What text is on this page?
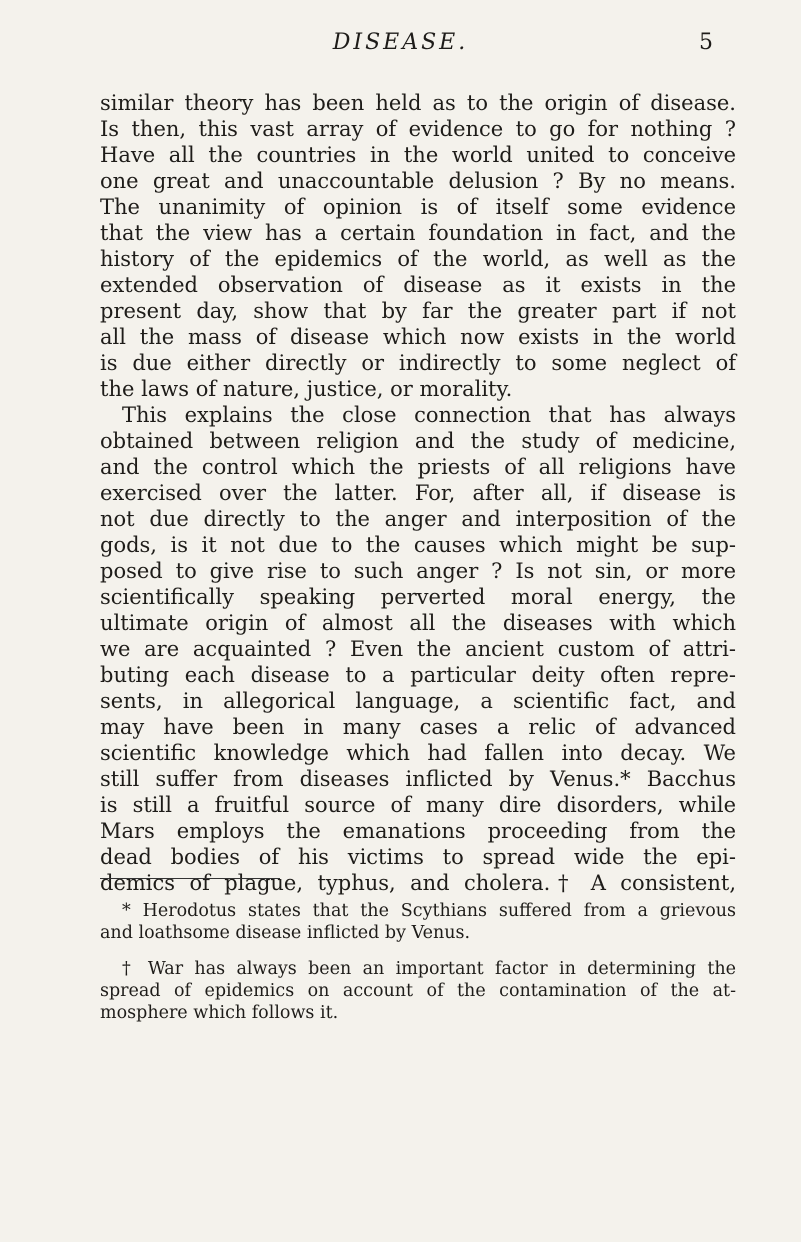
DISEASE.	5
similar theory has been held as to the origin of disease.
Is then, this vast array of evidence to go for nothing ?
Have all the countries in the world united to conceive
one great and unaccountable delusion ? By no means.
The unanimity of opinion is of itself some evidence
that the view has a certain foundation in fact, and the
history of the epidemics of the world, as well as the
extended observation of disease as it exists in the
present day, show that by far the greater part if not
all the mass of disease which now exists in the world
is due either directly or indirectly to some neglect of
the laws of nature, justice, or morality.
This explains the close connection that has always
obtained between religion and the study of medicine,
and the control which the priests of all religions have
exercised over the latter. For, after all, if disease is
not due directly to the anger and interposition of the
gods, is it not due to the causes which might be sup-
posed to give rise to such anger ? Is not sin, or more
scientifically speaking perverted moral energy, the
ultimate origin of almost all the diseases with which
we are acquainted ? Even the ancient custom of attri-
buting each disease to a particular deity often repre-
sents, in allegorical language, a scientific fact, and
may have been in many cases a relic of advanced
scientific knowledge which had fallen into decay. We
still suffer from diseases inflicted by Venus.* Bacchus
is still a fruitful source of many dire disorders, while
Mars employs the emanations proceeding from the
dead bodies of his victims to spread wide the epi-
demics of plague, typhus, and cholera.† A consistent,
* Herodotus states that the Scythians suffered from a grievous
and loathsome disease inflicted by Venus.
† War has always been an important factor in determining the
spread of epidemics on account of the contamination of the at-
mosphere which follows it.
